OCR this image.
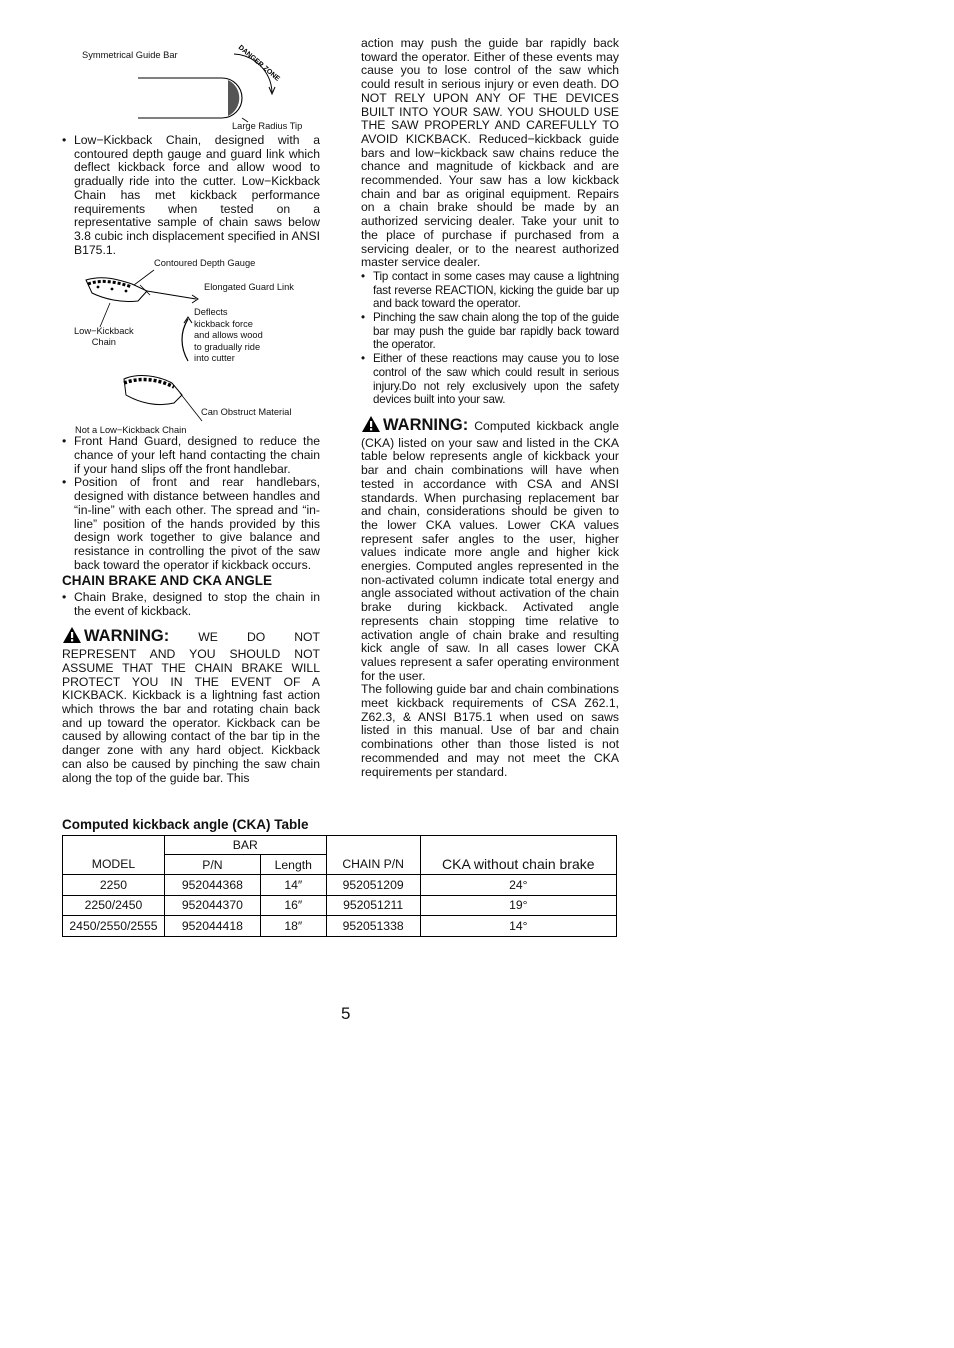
Symmetrical Guide Bar	DANGER ZONE
Large Radius Tip
• Low−Kickback Chain, designed with a contoured depth gauge and guard link which deflect kickback force and allow wood to gradually ride into the cutter. Low−Kickback Chain has met kickback performance requirements when tested on a representative sample of chain saws below 3.8 cubic inch displacement specified in ANSI B175.1.
Contoured Depth Gauge
Elongated Guard Link
Deflects
kickback force
and allows wood
to gradually ride
into cutter
Low−Kickback
Chain
Can Obstruct Material
Not a Low−Kickback Chain
• Front Hand Guard, designed to reduce the chance of your left hand contacting the chain if your hand slips off the front handlebar.
• Position of front and rear handlebars, designed with distance between handles and “in-line” with each other. The spread and “in-line” position of the hands provided by this design work together to give balance and resistance in controlling the pivot of the saw back toward the operator if kickback occurs.
CHAIN BRAKE AND CKA ANGLE
• Chain Brake, designed to stop the chain in the event of kickback.

WARNING: WE DO NOT REPRESENT AND YOU SHOULD NOT ASSUME THAT THE CHAIN BRAKE WILL PROTECT YOU IN THE EVENT OF A KICKBACK. Kickback is a lightning fast action which throws the bar and rotating chain back and up toward the operator. Kickback can be caused by allowing contact of the bar tip in the danger zone with any hard object. Kickback can also be caused by pinching the saw chain along the top of the guide bar. This

action may push the guide bar rapidly back toward the operator. Either of these events may cause you to lose control of the saw which could result in serious injury or even death. DO NOT RELY UPON ANY OF THE DEVICES BUILT INTO YOUR SAW. YOU SHOULD USE THE SAW PROPERLY AND CAREFULLY TO AVOID KICKBACK. Reduced−kickback guide bars and low−kickback saw chains reduce the chance and magnitude of kickback and are recommended. Your saw has a low kickback chain and bar as original equipment. Repairs on a chain brake should be made by an authorized servicing dealer. Take your unit to the place of purchase if purchased from a servicing dealer, or to the nearest authorized master service dealer.

• Tip contact in some cases may cause a lightning fast reverse REACTION, kicking the guide bar up and back toward the operator.
• Pinching the saw chain along the top of the guide bar may push the guide bar rapidly back toward the operator.
• Either of these reactions may cause you to lose control of the saw which could result in serious injury.Do not rely exclusively upon the safety devices built into your saw.

WARNING: Computed kickback angle (CKA) listed on your saw and listed in the CKA table below represents angle of kickback your bar and chain combinations will have when tested in accordance with CSA and ANSI standards. When purchasing replacement bar and chain, considerations should be given to the lower CKA values. Lower CKA values represent safer angles to the user, higher values indicate more angle and higher kick energies. Computed angles represented in the non-activated column indicate total energy and angle associated without activation of the chain brake during kickback. Activated angle represents chain stopping time relative to activation angle of chain brake and resulting kick angle of saw. In all cases lower CKA values represent a safer operating environment for the user.

The following guide bar and chain combinations meet kickback requirements of CSA Z62.1, Z62.3, & ANSI B175.1 when used on saws listed in this manual. Use of bar and chain combinations other than those listed is not recommended and may not meet the CKA requirements per standard.

Computed kickback angle (CKA) Table
MODEL	BAR		CHAIN P/N	CKA without chain brake
	P/N	Length		
2250	952044368	14″	952051209	24°
2250/2450	952044370	16″	952051211	19°
2450/2550/2555	952044418	18″	952051338	14°
5
